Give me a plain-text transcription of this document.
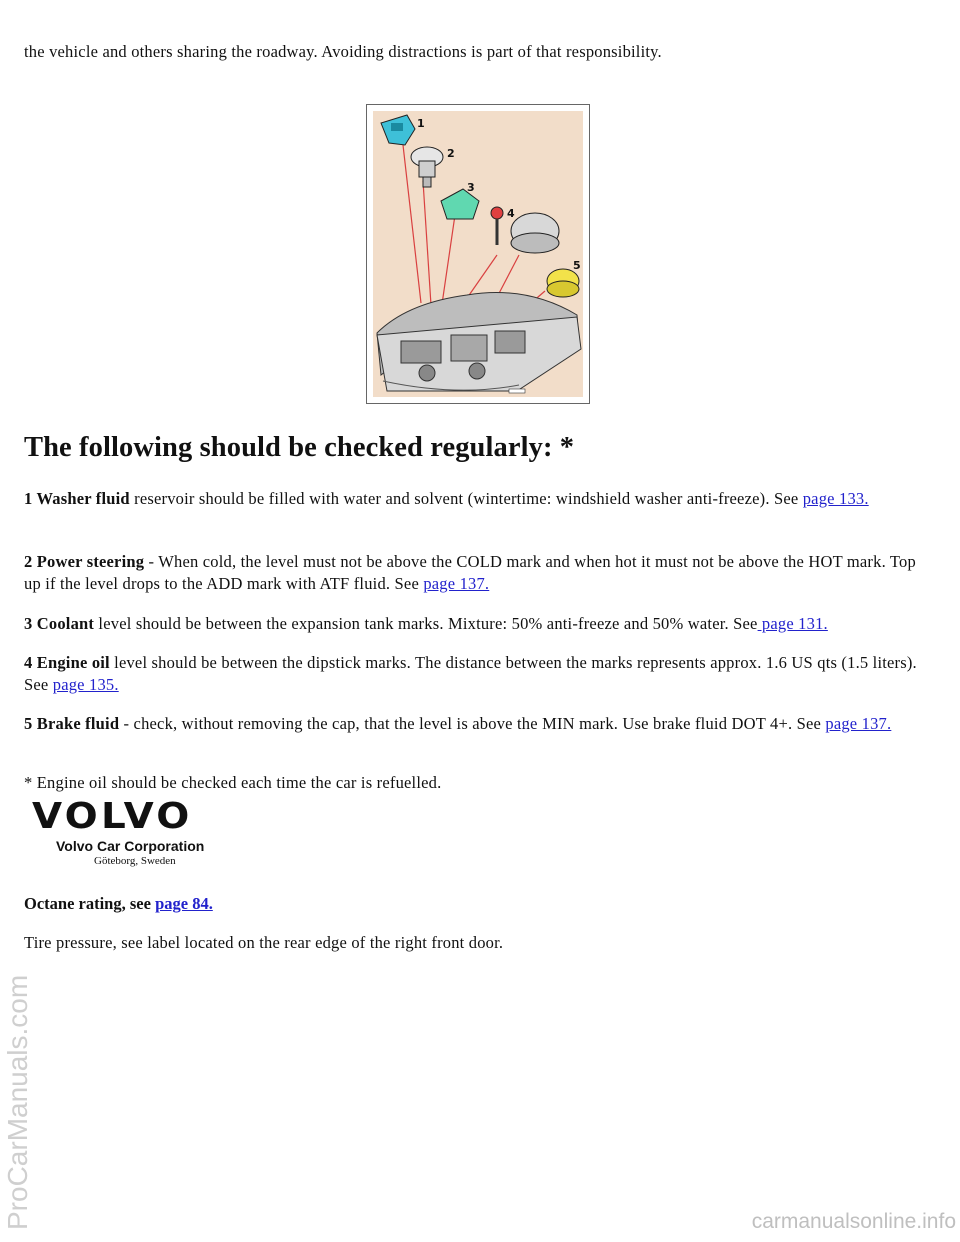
the vehicle and others sharing the roadway. Avoiding distractions is part of that responsibility.

1
2
3
4
5
The following should be checked regularly: *

1 Washer fluid reservoir should be filled with water and solvent (wintertime: windshield washer anti-freeze). See page 133.

2 Power steering - When cold, the level must not be above the COLD mark and when hot it must not be above the HOT mark. Top up if the level drops to the ADD mark with ATF fluid. See page 137.

3 Coolant level should be between the expansion tank marks. Mixture: 50% anti-freeze and 50% water. See page 131.

4 Engine oil level should be between the dipstick marks. The distance between the marks represents approx. 1.6 US qts (1.5 liters). See page 135.

5 Brake fluid - check, without removing the cap, that the level is above the MIN mark. Use brake fluid DOT 4+. See page 137.

* Engine oil should be checked each time the car is refuelled.

VOLVO
Volvo Car Corporation
Göteborg, Sweden

Octane rating, see page 84.

Tire pressure, see label located on the rear edge of the right front door.

ProCarManuals.com	carmanualsonline.info
